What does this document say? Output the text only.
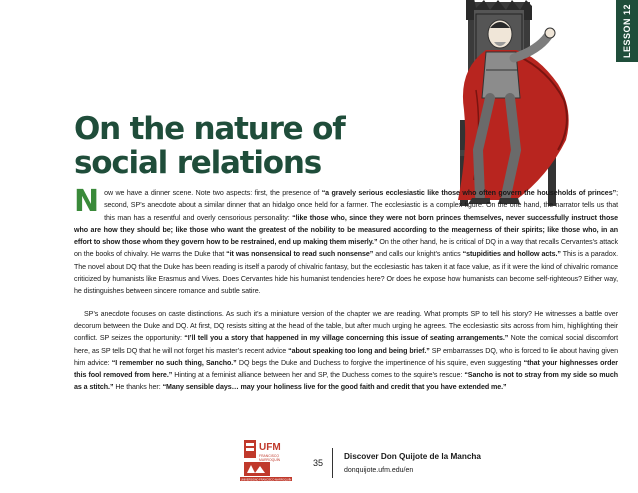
LESSON 12
On the nature of
social relations

Now we have a dinner scene. Note two aspects: first, the presence of “a gravely serious ecclesiastic like those who often govern the households of princes”; second, SP’s anecdote about a similar dinner that an hidalgo once held for a farmer. The ecclesiastic is a complex figure. On the one hand, the narrator tells us that this man has a resentful and overly censorious personality: “like those who, since they were not born princes themselves, never successfully instruct those who are how they should be; like those who want the greatest of the nobility to be measured according to the meagerness of their spirits; like those who, in an effort to show those whom they govern how to be restrained, end up making them miserly.” On the other hand, he is critical of DQ in a way that recalls Cervantes’s attack on the books of chivalry. He warns the Duke that “it was nonsensical to read such nonsense” and calls our knight’s antics “stupidities and hollow acts.” This is a paradox. The novel about DQ that the Duke has been reading is itself a parody of chivalric fantasy, but the ecclesiastic has taken it at face value, as if it were the kind of chivalric romance criticized by humanists like Erasmus and Vives. Does Cervantes hide his humanist tendencies here? Or does he expose how humanists can become self-righteous? Either way, he distinguishes between sincere romance and subtle satire.

SP’s anecdote focuses on caste distinctions. As such it’s a miniature version of the chapter we are reading. What prompts SP to tell his story? He witnesses a battle over decorum between the Duke and DQ. At first, DQ resists sitting at the head of the table, but after much urging he agrees. The ecclesiastic sits across from him, highlighting their conflict. SP seizes the opportunity: “I’ll tell you a story that happened in my village concerning this issue of seating arrangements.” Note the comical social discomfort here, as SP tells DQ that he will not forget his master’s recent advice “about speaking too long and being brief.” SP embarrasses DQ, who is forced to lie about having given him advice: “I remember no such thing, Sancho.” DQ begs the Duke and Duchess to forgive the impertinence of his squire, even suggesting “that your highnesses order this fool removed from here.” Hinting at a feminist alliance between her and SP, the Duchess comes to the squire’s rescue: “Sancho is not to stray from my side so much as a stitch.” He thanks her: “Many sensible days… may your holiness live for the good faith and credit that you have extended me.”

UFM
FRANCISCO
MARROQUÍN
UNIVERSIDAD FRANCISCO MARROQUÍN
35
Discover Don Quijote de la Mancha
donquijote.ufm.edu/en
